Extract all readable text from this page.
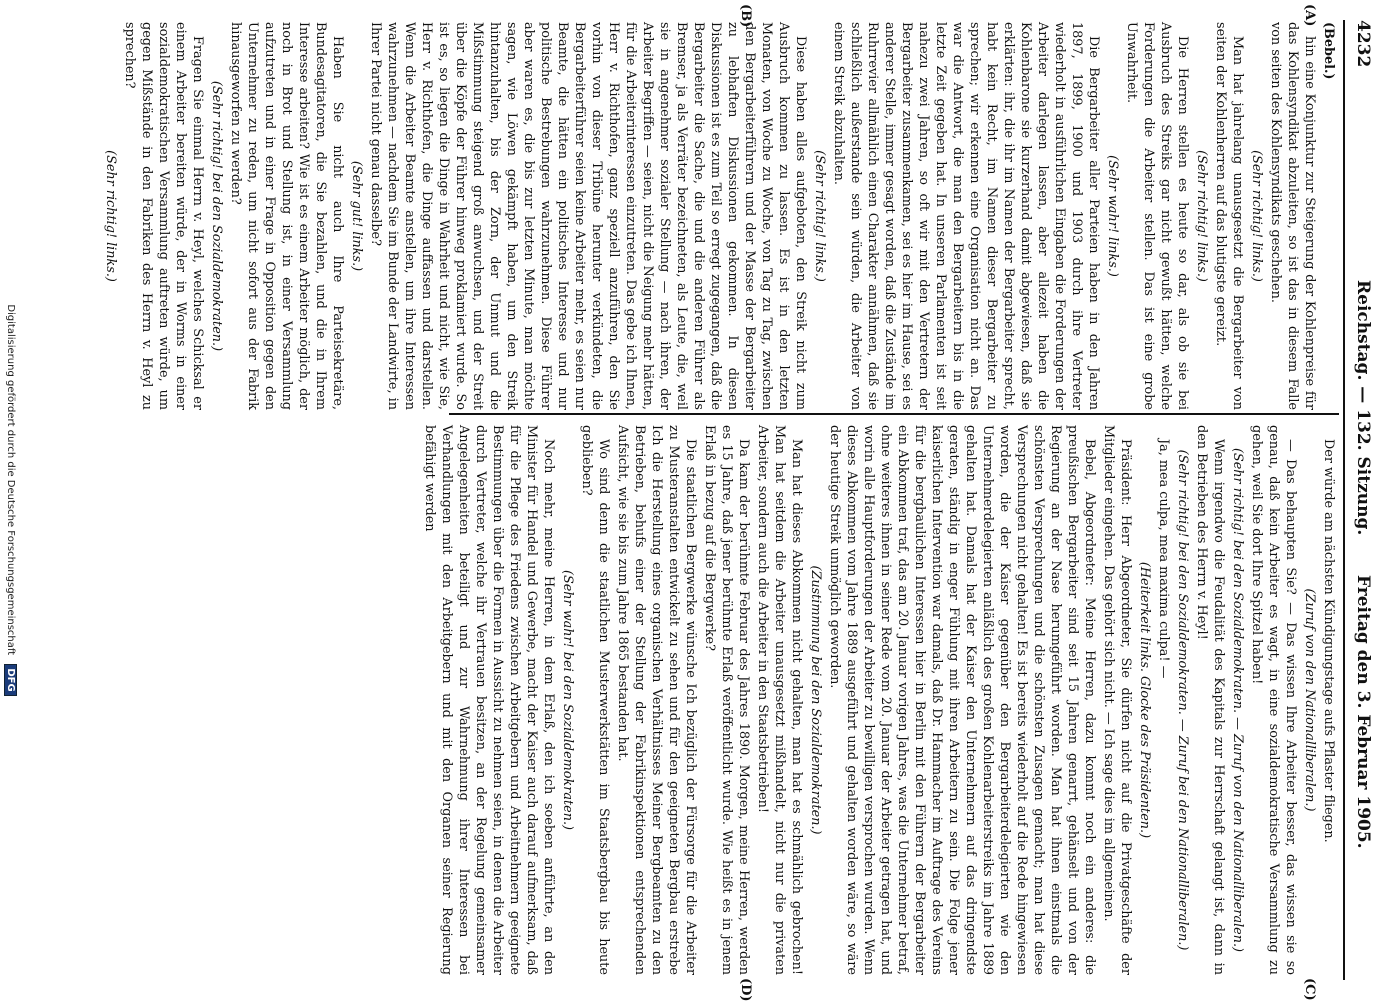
4232
Reichstag. — 132. Sitzung.
Freitag den 3. Februar 1905.
(A)
(B)
(C)
(D)

(Bebel.)

hin eine Konjunktur zur Steigerung der Kohlenpreise für das Kohlensyndikat abzuleiten, so ist das in diesem Falle von seiten des Kohlensyndikats geschehen.

(Sehr richtig! links.)

Man hat jahrelang unausgesetzt die Bergarbeiter von seiten der Kohlenherren auf das blutigste gereizt.

(Sehr richtig! links.)

Die Herren stellen es heute so dar, als ob sie bei Ausbruch des Streiks gar nicht gewußt hätten, welche Forderungen die Arbeiter stellen. Das ist eine grobe Unwahrheit.

(Sehr wahr! links.)

Die Bergarbeiter aller Parteien haben in den Jahren 1897, 1899, 1900 und 1903 durch ihre Vertreter wiederholt in ausführlichen Eingaben die Forderungen der Arbeiter darlegen lassen, aber allezeit haben die Kohlenbarone sie kurzerhand damit abgewiesen, daß sie erklärten: ihr, die ihr im Namen der Bergarbeiter sprecht, habt kein Recht, im Namen dieser Bergarbeiter zu sprechen; wir erkennen eine Organisation nicht an. Das war die Antwort, die man den Bergarbeitern bis in die letzte Zeit gegeben hat. In unseren Parlamenten ist seit nahezu zwei Jahren, so oft wir mit den Vertretern der Bergarbeiter zusammenkamen, sei es hier im Hause, sei es anderer Stelle, immer gesagt worden, daß die Zustände im Ruhrrevier allmählich einen Charakter annähmen, daß sie schließlich außerstande sein würden, die Arbeiter von einem Streik abzuhalten.

(Sehr richtig! links.)

Diese haben alles aufgeboten, den Streik nicht zum Ausbruch kommen zu lassen. Es ist in den letzten Monaten, von Woche zu Woche, von Tag zu Tag, zwischen den Bergarbeiterführern und der Masse der Bergarbeiter zu lebhaften Diskussionen gekommen. In diesen Diskussionen ist es zum Teil so erregt zugegangen, daß die Bergarbeiter die Sache, die und die anderen Führer als Bremser, ja als Verräter bezeichneten, als Leute, die, weil sie in angenehmer sozialer Stellung — nach ihren, der Arbeiter Begriffen — seien, nicht die Neigung mehr hätten, für die Arbeiterinteressen einzutreten. Das gebe ich Ihnen, Herr v. Richthofen, ganz speziell anzuführen, den Sie vorhin von dieser Tribüne herunter verkündeten, die Bergarbeiterführer seien keine Arbeiter mehr, es seien nur Beamte, die hätten ein politisches Interesse und nur politische Bestrebungen wahrzunehmen. Diese Führer aber waren es, die bis zur letzten Minute, man möchte sagen, wie Löwen gekämpft haben, um den Streik hintanzuhalten, bis der Zorn, der Unmut und die Mißstimmung steigend groß anwuchsen, und der Streit über die Köpfe der Führer hinweg proklamiert wurde. So ist es, so liegen die Dinge in Wahrheit und nicht, wie Sie, Herr v. Richthofen, die Dinge auffassen und darstellen. Wenn die Arbeiter Beamte anstellen, um ihre Interessen wahrzunehmen — nachdem Sie im Bunde der Landwirte, in Ihrer Partei nicht genau dasselbe?

(Sehr gut! links.)

Haben Sie nicht auch Ihre Parteisekretäre, Bundesagitatoren, die Sie bezahlen, und die in Ihrem Interesse arbeiten? Wie ist es einem Arbeiter möglich, der noch in Brot und Stellung ist, in einer Versammlung aufzutreten und in einer Frage in Opposition gegen den Unternehmer zu reden, um nicht sofort aus der Fabrik hinausgeworfen zu werden?

(Sehr richtig! bei den Sozialdemokraten.)

Fragen Sie einmal Herrn v. Heyl, welches Schicksal er einem Arbeiter bereiten würde, der in Worms in einer sozialdemokratischen Versammlung auftreten würde, um gegen Mißstände in den Fabriken des Herrn v. Heyl zu sprechen?

(Sehr richtig! links.)

Der würde am nächsten Kündigungstage aufs Pflaster fliegen.

(Zuruf von den Nationalliberalen.)

— Das behaupten Sie? — Das wissen Ihre Arbeiter besser, das wissen sie so genau, daß kein Arbeiter es wagt, in eine sozialdemokratische Versammlung zu gehen, weil Sie dort Ihre Spitzel haben!

(Sehr richtig! bei den Sozialdemokraten. — Zuruf von den Nationalliberalen.)

Wenn irgendwo die Feudalität des Kapitals zur Herrschaft gelangt ist, dann in den Betrieben des Herrn v. Heyl!

(Sehr richtig! bei den Sozialdemokraten. — Zuruf bei den Nationalliberalen.)

Ja, mea culpa, mea maxima culpa! —

(Heiterkeit links. Glocke des Präsidenten.)

Präsident: Herr Abgeordneter, Sie dürfen nicht auf die Privatgeschäfte der Mitglieder eingehen. Das gehört sich nicht. — Ich sage dies im allgemeinen.

Bebel, Abgeordneter: Meine Herren, dazu kommt noch ein anderes: die preußischen Bergarbeiter sind seit 15 Jahren genarrt, gehänselt und von der Regierung an der Nase herumgeführt worden. Man hat ihnen einstmals die schönsten Versprechungen und die schönsten Zusagen gemacht; man hat diese Versprechungen nicht gehalten! Es ist bereits wiederholt auf die Rede hingewiesen worden, die der Kaiser gegenüber den Bergarbeiterdelegierten wie den Unternehmerdelegierten anläßlich des großen Kohlenarbeiterstreiks im Jahre 1889 gehalten hat. Damals hat der Kaiser den Unternehmern auf das dringendste geraten, ständig in enger Fühlung mit ihren Arbeitern zu sein. Die Folge jener kaiserlichen Intervention war damals, daß Dr. Hammacher im Auftrage des Vereins für die bergbaulichen Interessen hier in Berlin mit den Führern der Bergarbeiter ein Abkommen traf, das am 20. Januar vorigen Jahres, was die Unternehmer betraf, ohne weiteres ihnen in seiner Rede vom 20. Januar der Arbeiter getragen hat, und worin alle Hauptforderungen der Arbeiter zu bewilligen versprochen wurden. Wenn dieses Abkommen vom Jahre 1889 ausgeführt und gehalten worden wäre, so wäre der heutige Streik unmöglich geworden.

(Zustimmung bei den Sozialdemokraten.)

Man hat dieses Abkommen nicht gehalten, man hat es schmählich gebrochen! Man hat seitdem die Arbeiter unausgesetzt mißhandelt, nicht nur die privaten Arbeiter, sondern auch die Arbeiter in den Staatsbetrieben!

Da kam der berühmte Februar des Jahres 1890. Morgen, meine Herren, werden es 15 Jahre, daß jener berühmte Erlaß veröffentlicht wurde. Wie heißt es in jenem Erlaß in bezug auf die Bergwerke?

Die staatlichen Bergwerke wünsche Ich bezüglich der Fürsorge für die Arbeiter zu Musteranstalten entwickelt zu sehen und für den geeigneten Bergbau erstrebe Ich die Herstellung eines organischen Verhältnisses Meiner Bergbeamten zu den Betrieben, behufs einer der Stellung der Fabrikinspektionen entsprechenden Aufsicht, wie sie bis zum Jahre 1865 bestanden hat.

Wo sind denn die staatlichen Musterwerkstätten im Staatsbergbau bis heute geblieben?

(Sehr wahr! bei den Sozialdemokraten.)

Noch mehr, meine Herren, in dem Erlaß, den ich soeben anführte, an den Minister für Handel und Gewerbe, macht der Kaiser auch darauf aufmerksam, daß für die Pflege des Friedens zwischen Arbeitgebern und Arbeitnehmern geeignete Bestimmungen über die Formen in Aussicht zu nehmen seien, in denen die Arbeiter durch Vertreter, welche ihr Vertrauen besitzen, an der Regelung gemeinsamer Angelegenheiten beteiligt und zur Wahrnehmung ihrer Interessen bei Verhandlungen mit den Arbeitgebern und mit den Organen seiner Regierung befähigt werden

Digitalisierung gefördert durch die Deutsche Forschungsgemeinschaft DFG
